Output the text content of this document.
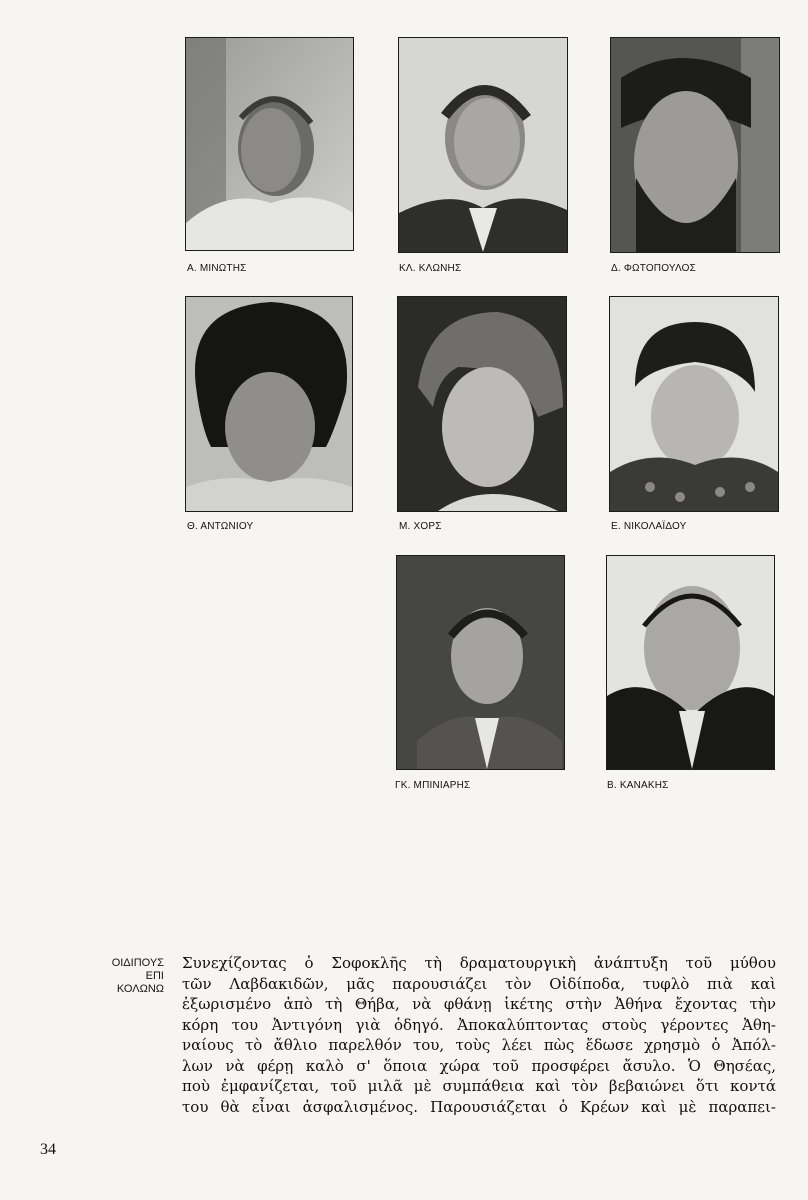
Α. ΜΙΝΩΤΗΣ	ΚΛ. ΚΛΩΝΗΣ	Δ. ΦΩΤΟΠΟΥΛΟΣ
Θ. ΑΝΤΩΝΙΟΥ	Μ. ΧΟΡΣ	Ε. ΝΙΚΟΛΑΪΔΟΥ
ΓΚ. ΜΠΙΝΙΑΡΗΣ	Β. ΚΑΝΑΚΗΣ
ΟΙΔΙΠΟΥΣ
ΕΠΙ
ΚΟΛΩΝΩ
Συνεχίζοντας ὁ Σοφοκλῆς τὴ δραματουργικὴ ἀνάπτυξη τοῦ μύθου
τῶν Λαβδακιδῶν, μᾶς παρουσιάζει τὸν Οἰδίποδα, τυφλὸ πιὰ καὶ
ἐξωρισμένο ἀπὸ τὴ Θήβα, νὰ φθάνῃ ἱκέτης στὴν Ἀθήνα ἔχοντας τὴν
κόρη του Ἀντιγόνη γιὰ ὁδηγό. Ἀποκαλύπτοντας στοὺς γέροντες Ἀθη-
ναίους τὸ ἄθλιο παρελθόν του, τοὺς λέει πὼς ἔδωσε χρησμὸ ὁ Ἀπόλ-
λων νὰ φέρῃ καλὸ σ' ὅποια χώρα τοῦ προσφέρει ἄσυλο. Ὁ Θησέας,
ποὺ ἐμφανίζεται, τοῦ μιλᾶ μὲ συμπάθεια καὶ τὸν βεβαιώνει ὅτι κοντά
του θὰ εἶναι ἀσφαλισμένος. Παρουσιάζεται ὁ Κρέων καὶ μὲ παραπει-
34
